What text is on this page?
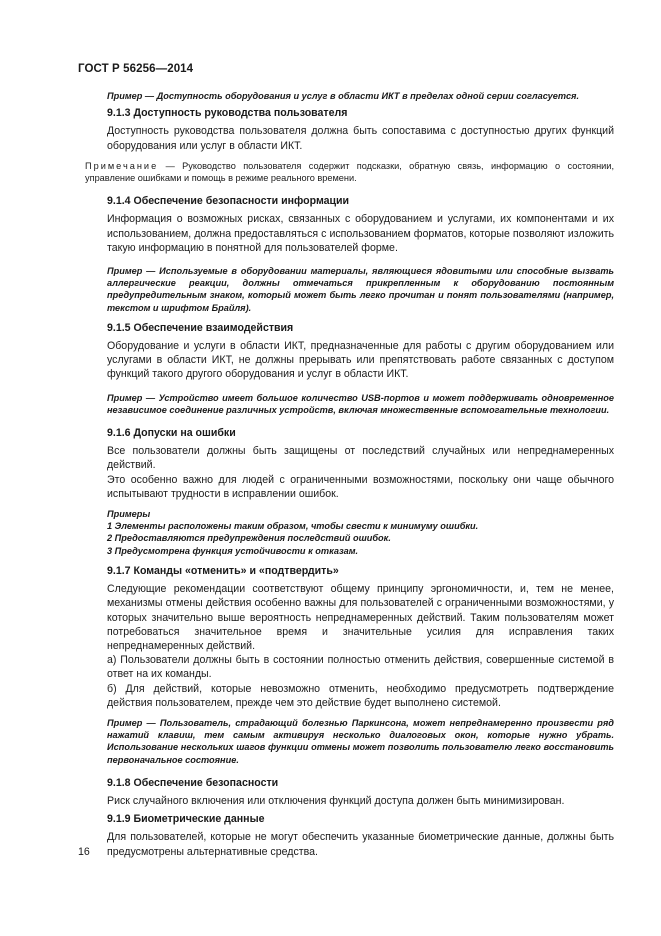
ГОСТ Р 56256—2014

Пример — Доступность оборудования и услуг в области ИКТ в пределах одной серии согласуется.

9.1.3 Доступность руководства пользователя

Доступность руководства пользователя должна быть сопоставима с доступностью других функций оборудования или услуг в области ИКТ.

Примечание — Руководство пользователя содержит подсказки, обратную связь, информацию о состоянии, управление ошибками и помощь в режиме реального времени.

9.1.4 Обеспечение безопасности информации

Информация о возможных рисках, связанных с оборудованием и услугами, их компонентами и их использованием, должна предоставляться с использованием форматов, которые позволяют изложить такую информацию в понятной для пользователей форме.

Пример — Используемые в оборудовании материалы, являющиеся ядовитыми или способные вызвать аллергические реакции, должны отмечаться прикрепленным к оборудованию постоянным предупредительным знаком, который может быть легко прочитан и понят пользователями (например, текстом и шрифтом Брайля).

9.1.5 Обеспечение взаимодействия

Оборудование и услуги в области ИКТ, предназначенные для работы с другим оборудованием или услугами в области ИКТ, не должны прерывать или препятствовать работе связанных с доступом функций такого другого оборудования и услуг в области ИКТ.

Пример — Устройство имеет большое количество USB-портов и может поддерживать одновременное независимое соединение различных устройств, включая множественные вспомогательные технологии.

9.1.6 Допуски на ошибки

Все пользователи должны быть защищены от последствий случайных или непреднамеренных действий.

Это особенно важно для людей с ограниченными возможностями, поскольку они чаще обычного испытывают трудности в исправлении ошибок.

Примеры

1 Элементы расположены таким образом, чтобы свести к минимуму ошибки.

2 Предоставляются предупреждения последствий ошибок.

3 Предусмотрена функция устойчивости к отказам.

9.1.7 Команды «отменить» и «подтвердить»

Следующие рекомендации соответствуют общему принципу эргономичности, и, тем не менее, механизмы отмены действия особенно важны для пользователей с ограниченными возможностями, у которых значительно выше вероятность непреднамеренных действий. Таким пользователям может потребоваться значительное время и значительные усилия для исправления таких непреднамеренных действий.

а) Пользователи должны быть в состоянии полностью отменить действия, совершенные системой в ответ на их команды.

б) Для действий, которые невозможно отменить, необходимо предусмотреть подтверждение действия пользователем, прежде чем это действие будет выполнено системой.

Пример — Пользователь, страдающий болезнью Паркинсона, может непреднамеренно произвести ряд нажатий клавиш, тем самым активируя несколько диалоговых окон, которые нужно убрать. Использование нескольких шагов функции отмены может позволить пользователю легко восстановить первоначальное состояние.

9.1.8 Обеспечение безопасности

Риск случайного включения или отключения функций доступа должен быть минимизирован.

9.1.9 Биометрические данные

Для пользователей, которые не могут обеспечить указанные биометрические данные, должны быть предусмотрены альтернативные средства.

16
